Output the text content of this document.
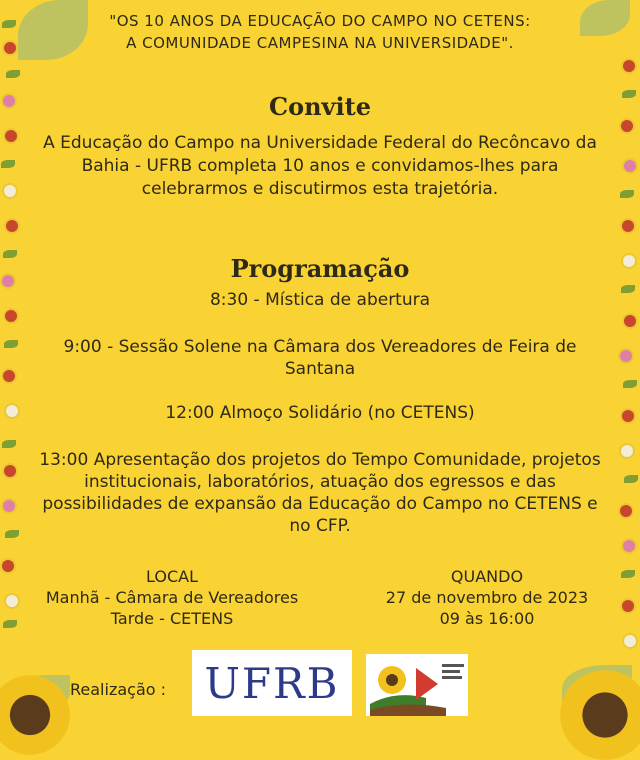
"OS 10 ANOS DA EDUCAÇÃO DO CAMPO NO CETENS:
A COMUNIDADE CAMPESINA NA UNIVERSIDADE".
Convite
A Educação do Campo na Universidade Federal do Recôncavo da Bahia - UFRB completa 10 anos e convidamos-lhes para celebrarmos e discutirmos esta trajetória.
Programação
8:30 - Mística de abertura
9:00 - Sessão Solene na Câmara dos Vereadores de Feira de Santana
12:00 Almoço Solidário (no CETENS)
13:00 Apresentação dos projetos do Tempo Comunidade, projetos institucionais, laboratórios, atuação dos egressos e das possibilidades de expansão da Educação do Campo no CETENS e no CFP.
LOCAL
Manhã - Câmara de Vereadores
Tarde - CETENS
QUANDO
27 de novembro de 2023
09 às 16:00
Realização : UFRB
